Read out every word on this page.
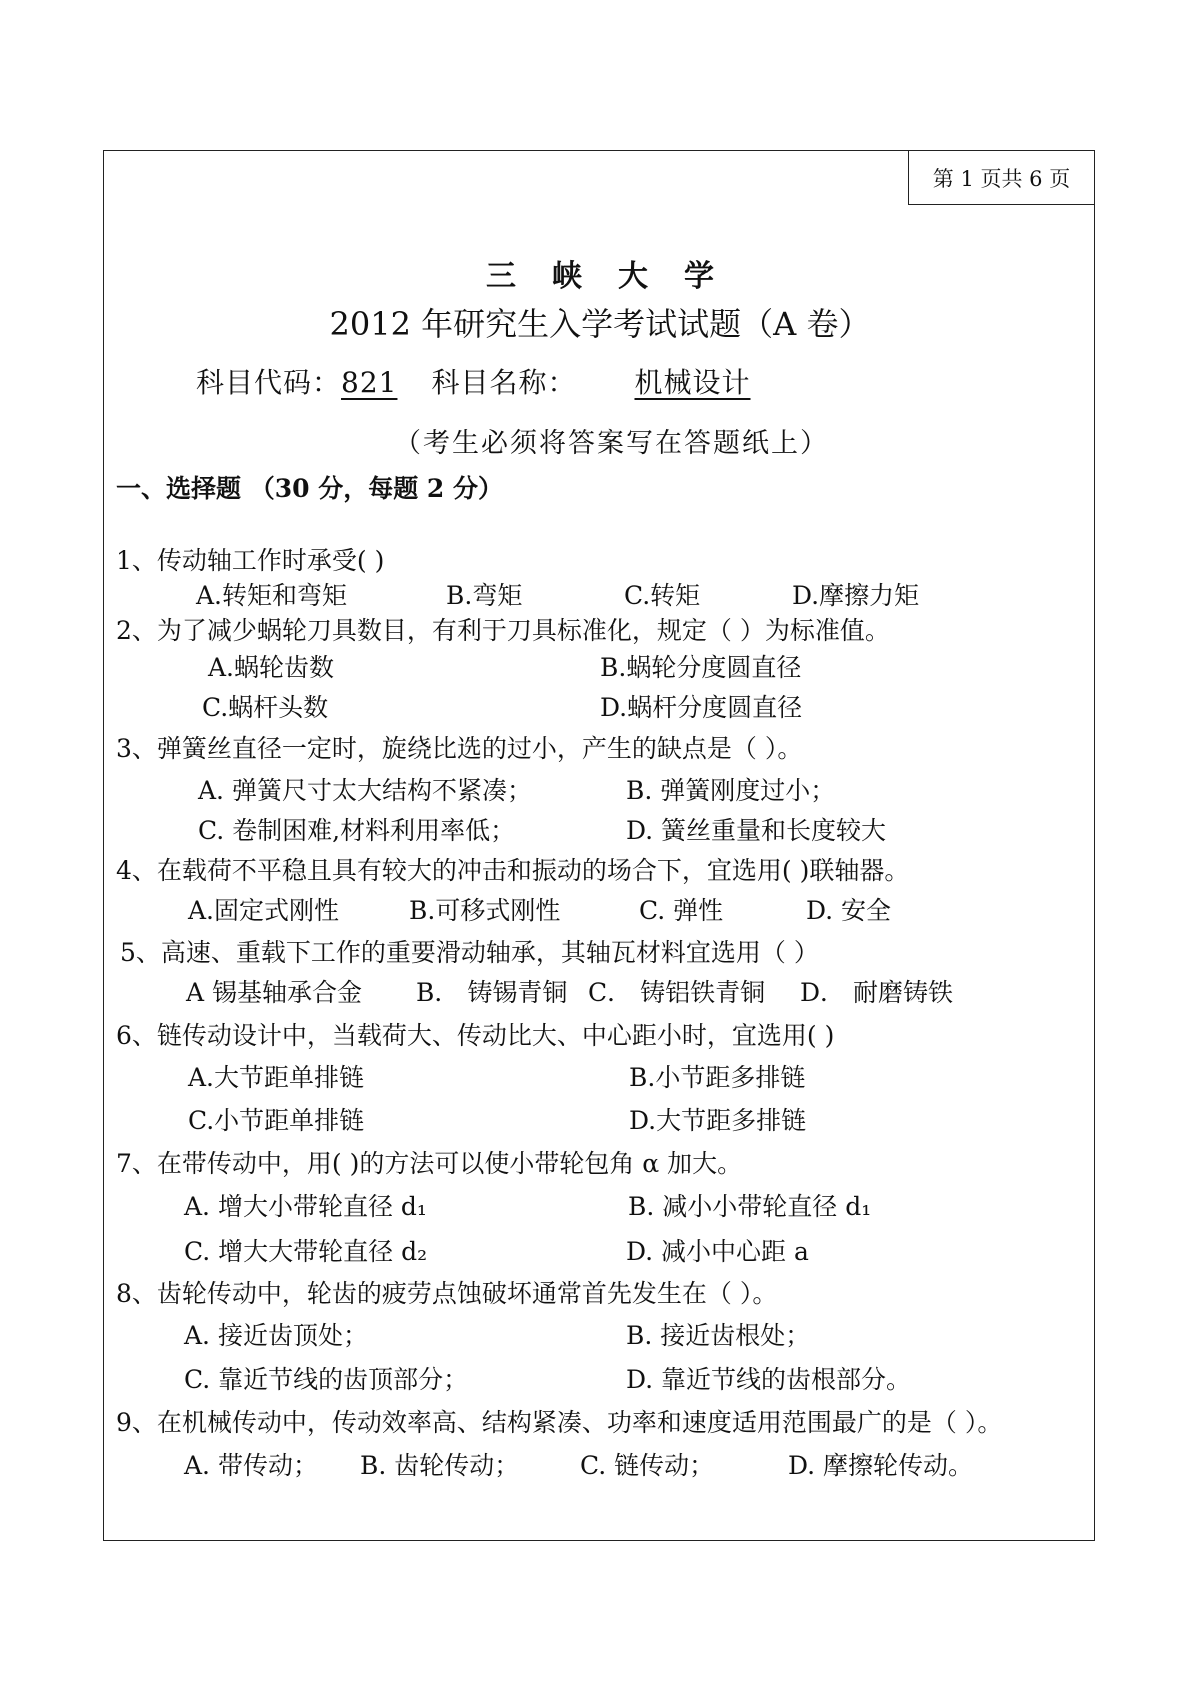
第 1 页共 6 页
三峡大学
2012 年研究生入学考试试题（A 卷）
科目代码：821 科目名称： 机械设计
（考生必须将答案写在答题纸上）
一、选择题 （30 分，每题 2 分）
1、传动轴工作时承受( )
A.转矩和弯矩	B.弯矩	C.转矩	D.摩擦力矩
2、为了减少蜗轮刀具数目，有利于刀具标准化，规定（ ）为标准值。
A.蜗轮齿数	B.蜗轮分度圆直径
C.蜗杆头数	D.蜗杆分度圆直径
3、弹簧丝直径一定时，旋绕比选的过小，产生的缺点是（ ）。
A. 弹簧尺寸太大结构不紧凑；	B. 弹簧刚度过小；
C. 卷制困难,材料利用率低；	D. 簧丝重量和长度较大
4、在载荷不平稳且具有较大的冲击和振动的场合下，宜选用( )联轴器。
A.固定式刚性	B.可移式刚性	C. 弹性	D. 安全
5、高速、重载下工作的重要滑动轴承，其轴瓦材料宜选用（ ）
A 锡基轴承合金 B． 铸锡青铜 C． 铸铝铁青铜 D． 耐磨铸铁
6、链传动设计中，当载荷大、传动比大、中心距小时，宜选用( )
A.大节距单排链	B.小节距多排链
C.小节距单排链	D.大节距多排链
7、在带传动中，用( )的方法可以使小带轮包角 α 加大。
A. 增大小带轮直径 d₁	B. 减小小带轮直径 d₁
C. 增大大带轮直径 d₂	D. 减小中心距 a
8、齿轮传动中，轮齿的疲劳点蚀破坏通常首先发生在（ ）。
A. 接近齿顶处；	B. 接近齿根处；
C. 靠近节线的齿顶部分；	D. 靠近节线的齿根部分。
9、在机械传动中，传动效率高、结构紧凑、功率和速度适用范围最广的是（ ）。
A. 带传动； B. 齿轮传动； C. 链传动；	D. 摩擦轮传动。
